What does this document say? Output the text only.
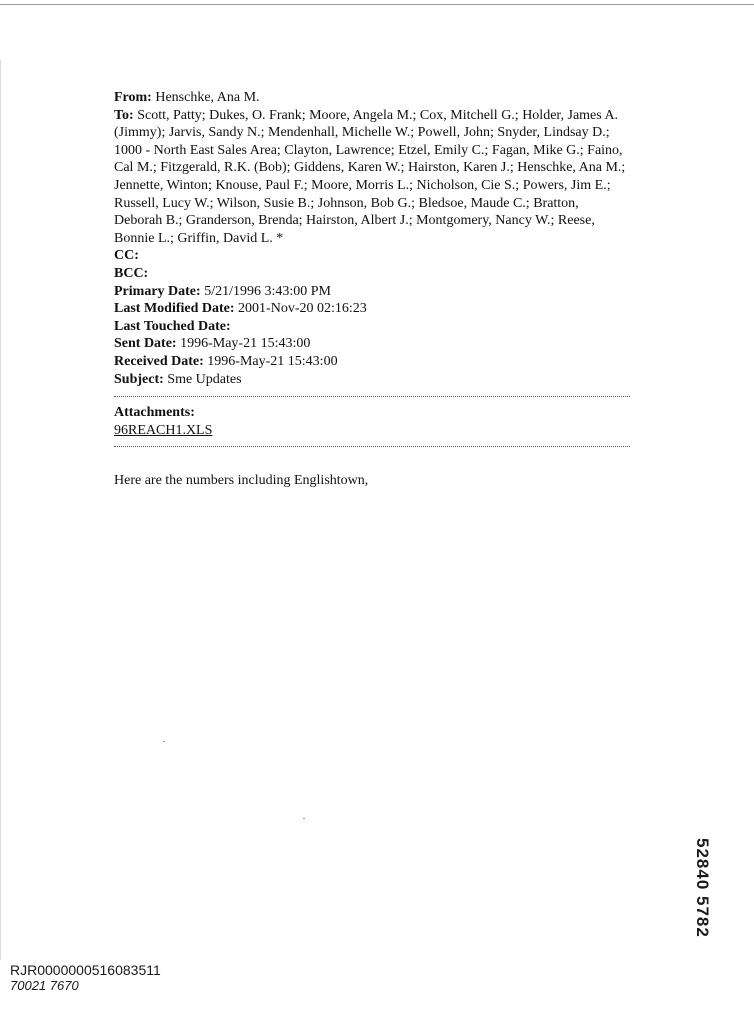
From: Henschke, Ana M.

To: Scott, Patty; Dukes, O. Frank; Moore, Angela M.; Cox, Mitchell G.; Holder, James A. (Jimmy); Jarvis, Sandy N.; Mendenhall, Michelle W.; Powell, John; Snyder, Lindsay D.; 1000 - North East Sales Area; Clayton, Lawrence; Etzel, Emily C.; Fagan, Mike G.; Faino, Cal M.; Fitzgerald, R.K. (Bob); Giddens, Karen W.; Hairston, Karen J.; Henschke, Ana M.; Jennette, Winton; Knouse, Paul F.; Moore, Morris L.; Nicholson, Cie S.; Powers, Jim E.; Russell, Lucy W.; Wilson, Susie B.; Johnson, Bob G.; Bledsoe, Maude C.; Bratton, Deborah B.; Granderson, Brenda; Hairston, Albert J.; Montgomery, Nancy W.; Reese, Bonnie L.; Griffin, David L. *

CC:

BCC:

Primary Date: 5/21/1996 3:43:00 PM

Last Modified Date: 2001-Nov-20 02:16:23

Last Touched Date:

Sent Date: 1996-May-21 15:43:00

Received Date: 1996-May-21 15:43:00

Subject: Sme Updates

Attachments:
96REACH1.XLS
Here are the numbers including Englishtown,
52840 5782
RJR0000000516083511
70021 7670
